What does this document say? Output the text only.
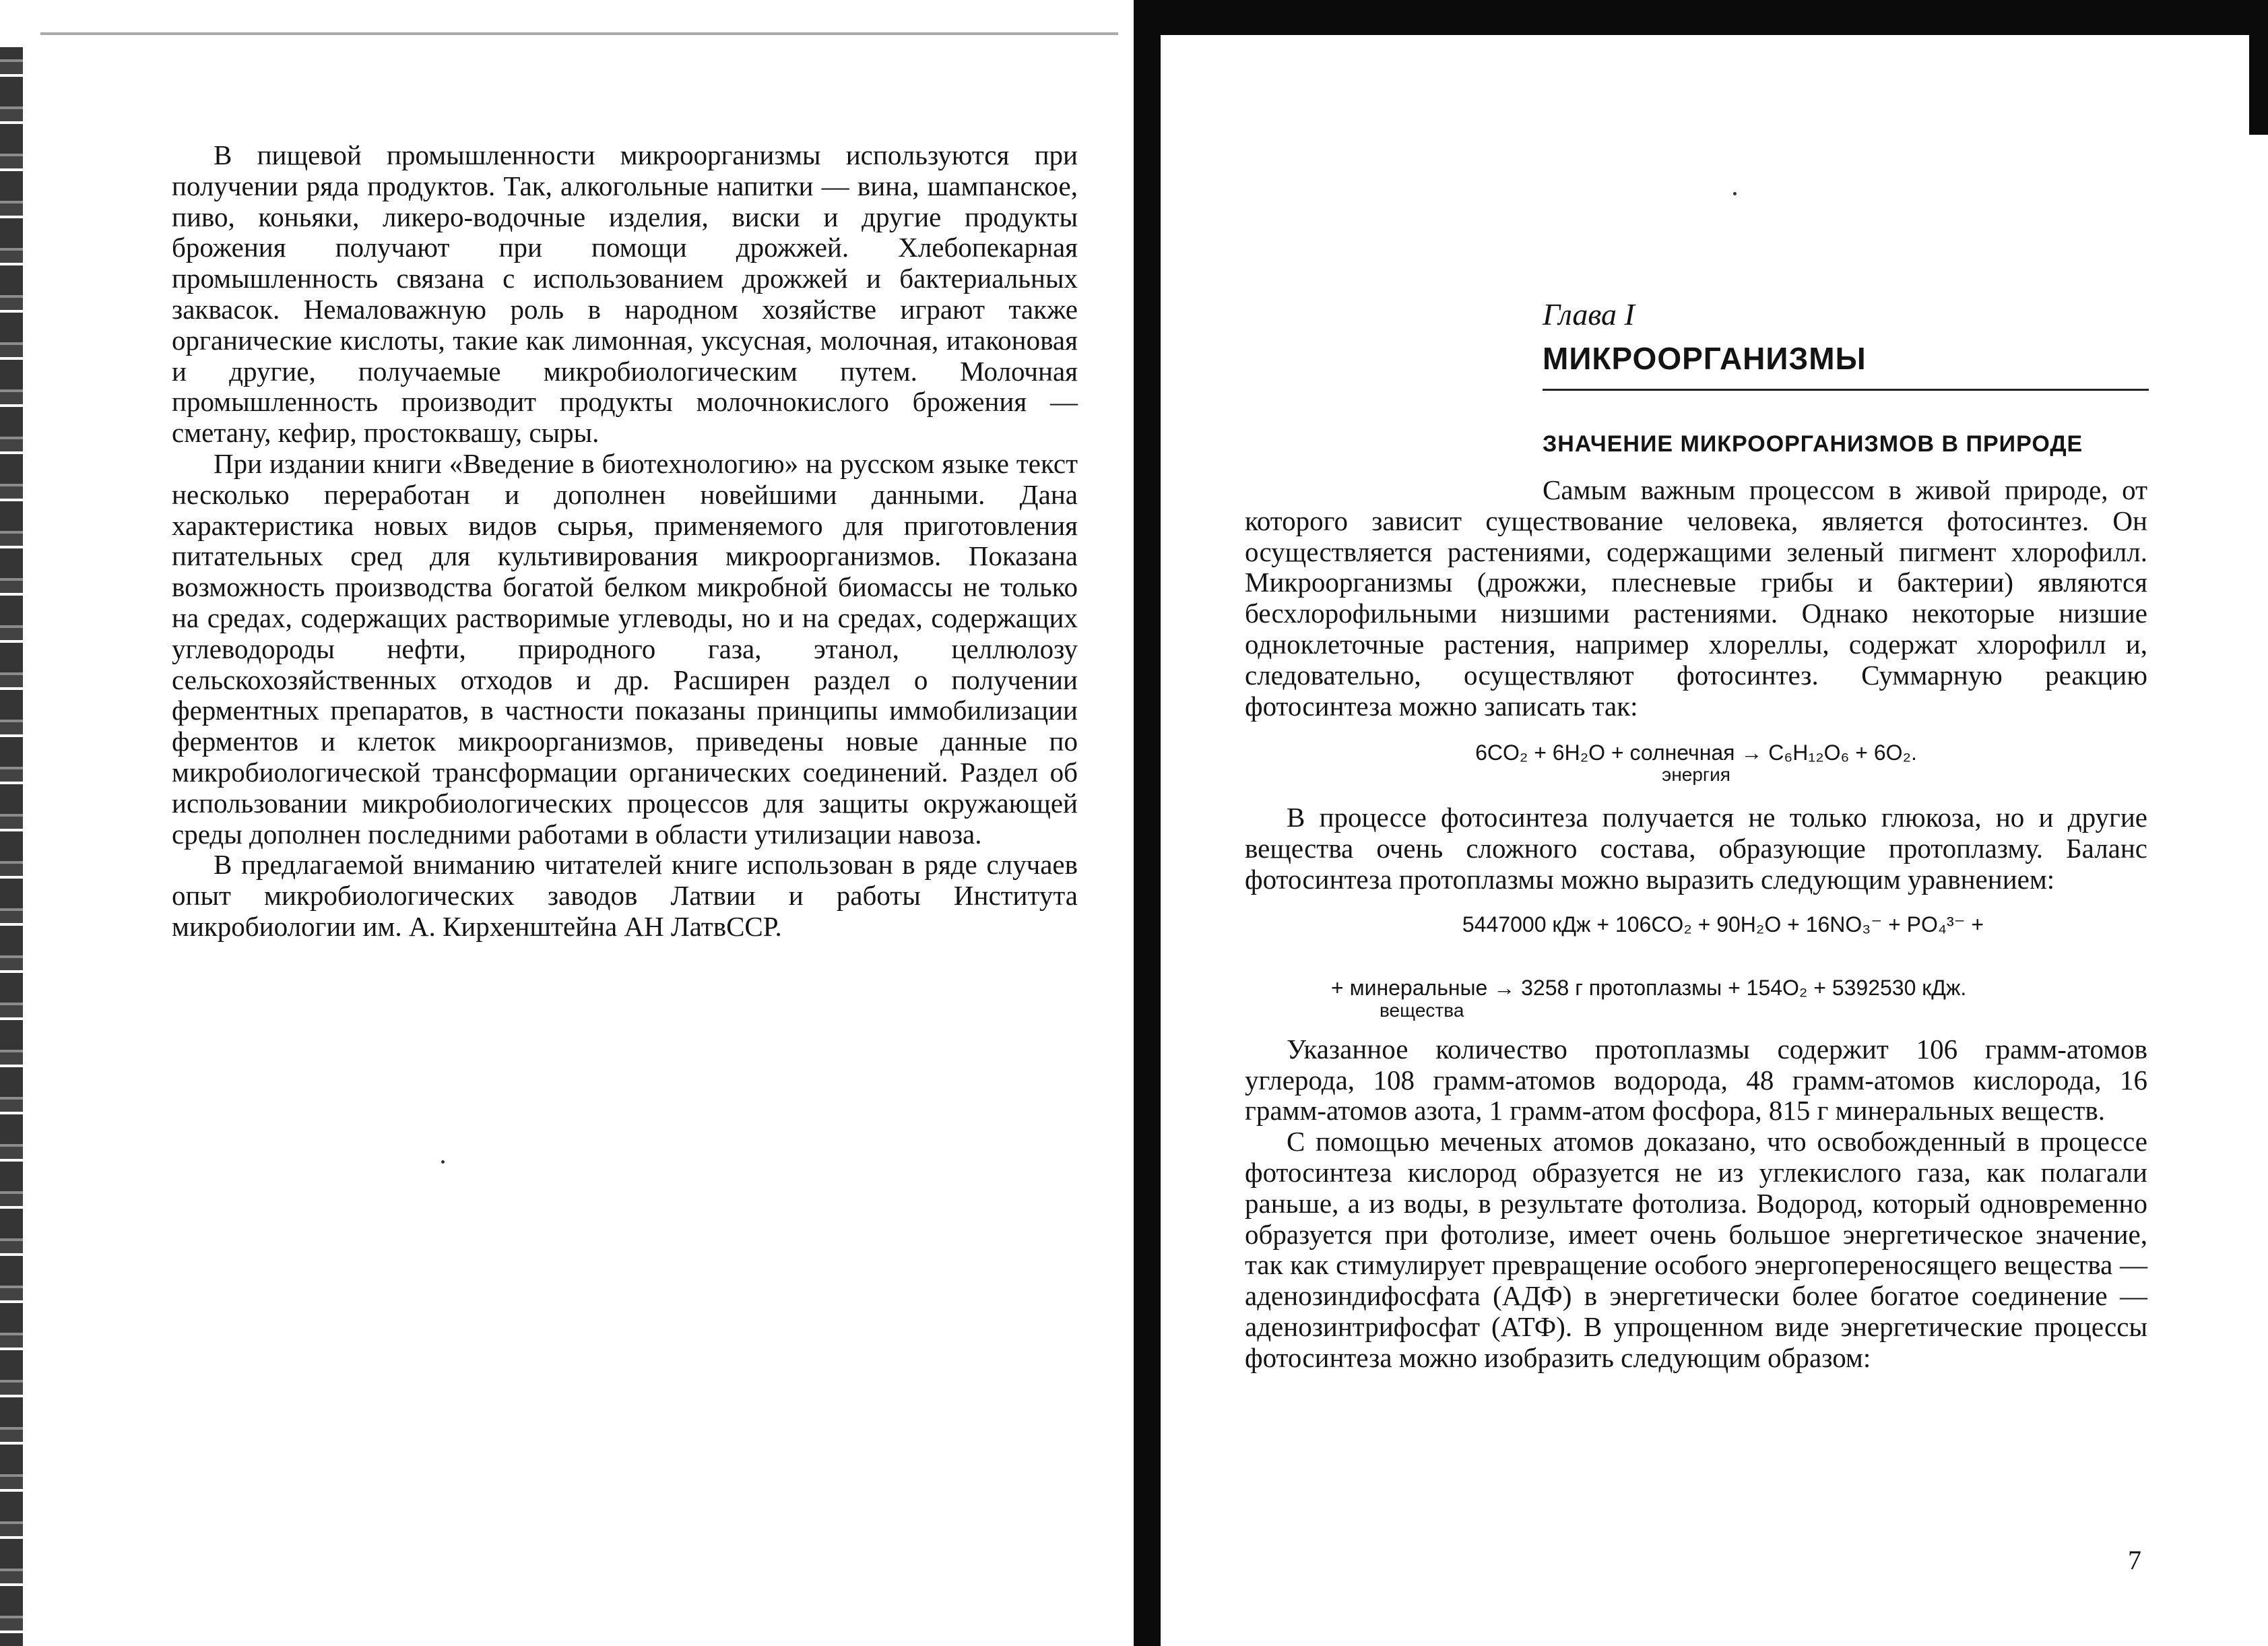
В пищевой промышленности микроорганизмы используются при получении ряда продуктов. Так, алкогольные напитки — вина, шампанское, пиво, коньяки, ликеро-водочные изделия, виски и другие продукты брожения получают при помощи дрожжей. Хлебопекарная промышленность связана с использованием дрожжей и бактериальных заквасок. Немаловажную роль в народном хозяйстве играют также органические кислоты, такие как лимонная, уксусная, молочная, итаконовая и другие, получаемые микробиологическим путем. Молочная промышленность производит продукты молочнокислого брожения — сметану, кефир, простоквашу, сыры.

При издании книги «Введение в биотехнологию» на русском языке текст несколько переработан и дополнен новейшими данными. Дана характеристика новых видов сырья, применяемого для приготовления питательных сред для культивирования микроорганизмов. Показана возможность производства богатой белком микробной биомассы не только на средах, содержащих растворимые углеводы, но и на средах, содержащих углеводороды нефти, природного газа, этанол, целлюлозу сельскохозяйственных отходов и др. Расширен раздел о получении ферментных препаратов, в частности показаны принципы иммобилизации ферментов и клеток микроорганизмов, приведены новые данные по микробиологической трансформации органических соединений. Раздел об использовании микробиологических процессов для защиты окружающей среды дополнен последними работами в области утилизации навоза.

В предлагаемой вниманию читателей книге использован в ряде случаев опыт микробиологических заводов Латвии и работы Института микробиологии им. А. Кирхенштейна АН ЛатвССР.

Глава I
МИКРООРГАНИЗМЫ
ЗНАЧЕНИЕ МИКРООРГАНИЗМОВ В ПРИРОДЕ

Самым важным процессом в живой природе, от которого зависит существование человека, является фотосинтез. Он осуществляется растениями, содержащими зеленый пигмент хлорофилл. Микроорганизмы (дрожжи, плесневые грибы и бактерии) являются бесхлорофильными низшими растениями. Однако некоторые низшие одноклеточные растения, например хлореллы, содержат хлорофилл и, следовательно, осуществляют фотосинтез. Суммарную реакцию фотосинтеза можно записать так:

6CO₂ + 6H₂O + солнечная → C₆H₁₂O₆ + 6O₂.
энергия

В процессе фотосинтеза получается не только глюкоза, но и другие вещества очень сложного состава, образующие протоплазму. Баланс фотосинтеза протоплазмы можно выразить следующим уравнением:

5447000 кДж + 106CO₂ + 90H₂O + 16NO₃⁻ + PO₄³⁻ +
+ минеральные → 3258 г протоплазмы + 154O₂ + 5392530 кДж.
вещества

Указанное количество протоплазмы содержит 106 грамм-атомов углерода, 108 грамм-атомов водорода, 48 грамм-атомов кислорода, 16 грамм-атомов азота, 1 грамм-атом фосфора, 815 г минеральных веществ.

С помощью меченых атомов доказано, что освобожденный в процессе фотосинтеза кислород образуется не из углекислого газа, как полагали раньше, а из воды, в результате фотолиза. Водород, который одновременно образуется при фотолизе, имеет очень большое энергетическое значение, так как стимулирует превращение особого энергопереносящего вещества — аденозиндифосфата (АДФ) в энергетически более богатое соединение — аденозинтрифосфат (АТФ). В упрощенном виде энергетические процессы фотосинтеза можно изобразить следующим образом:

7
